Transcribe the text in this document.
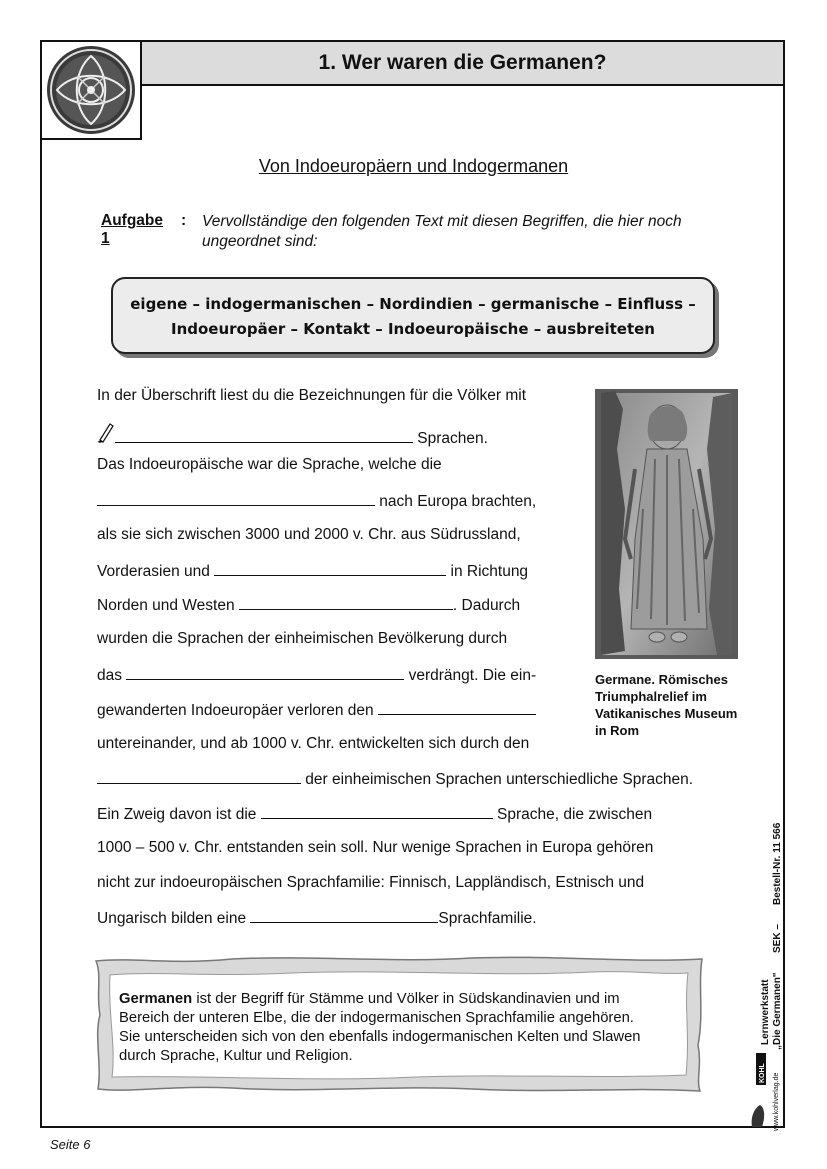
1. Wer waren die Germanen?
Von Indoeuropäern und Indogermanen
Aufgabe 1
: Vervollständige den folgenden Text mit diesen Begriffen, die hier noch
ungeordnet sind:
eigene – indogermanischen – Nordindien – germanische – Einfluss –
Indoeuropäer – Kontakt – Indoeuropäische – ausbreiteten
In der Überschrift liest du die Bezeichnungen für die Völker mit
Sprachen.
Das Indoeuropäische war die Sprache, welche die
nach Europa brachten,
als sie sich zwischen 3000 und 2000 v. Chr. aus Südrussland,
Vorderasien und	in Richtung
Norden und Westen	. Dadurch
wurden die Sprachen der einheimischen Bevölkerung durch
das	verdrängt. Die ein-
gewanderten Indoeuropäer verloren den
untereinander, und ab 1000 v. Chr. entwickelten sich durch den
der einheimischen Sprachen unterschiedliche Sprachen.
Ein Zweig davon ist die	Sprache, die zwischen
1000 – 500 v. Chr. entstanden sein soll. Nur wenige Sprachen in Europa gehören
nicht zur indoeuropäischen Sprachfamilie: Finnisch, Lappländisch, Estnisch und
Ungarisch bilden eine	Sprachfamilie.
Germane. Römisches
Triumphalrelief im
Vatikanisches Museum
in Rom
Germanen ist der Begriff für Stämme und Völker in Südskandinavien und im
Bereich der unteren Elbe, die der indogermanischen Sprachfamilie angehören.
Sie unterscheiden sich von den ebenfalls indogermanischen Kelten und Slawen
durch Sprache, Kultur und Religion.
Bestell-Nr. 11 566
SEK –
„Die Germanen"
Lernwerkstatt
www.kohlverlag.de
KOHL
Seite 6
